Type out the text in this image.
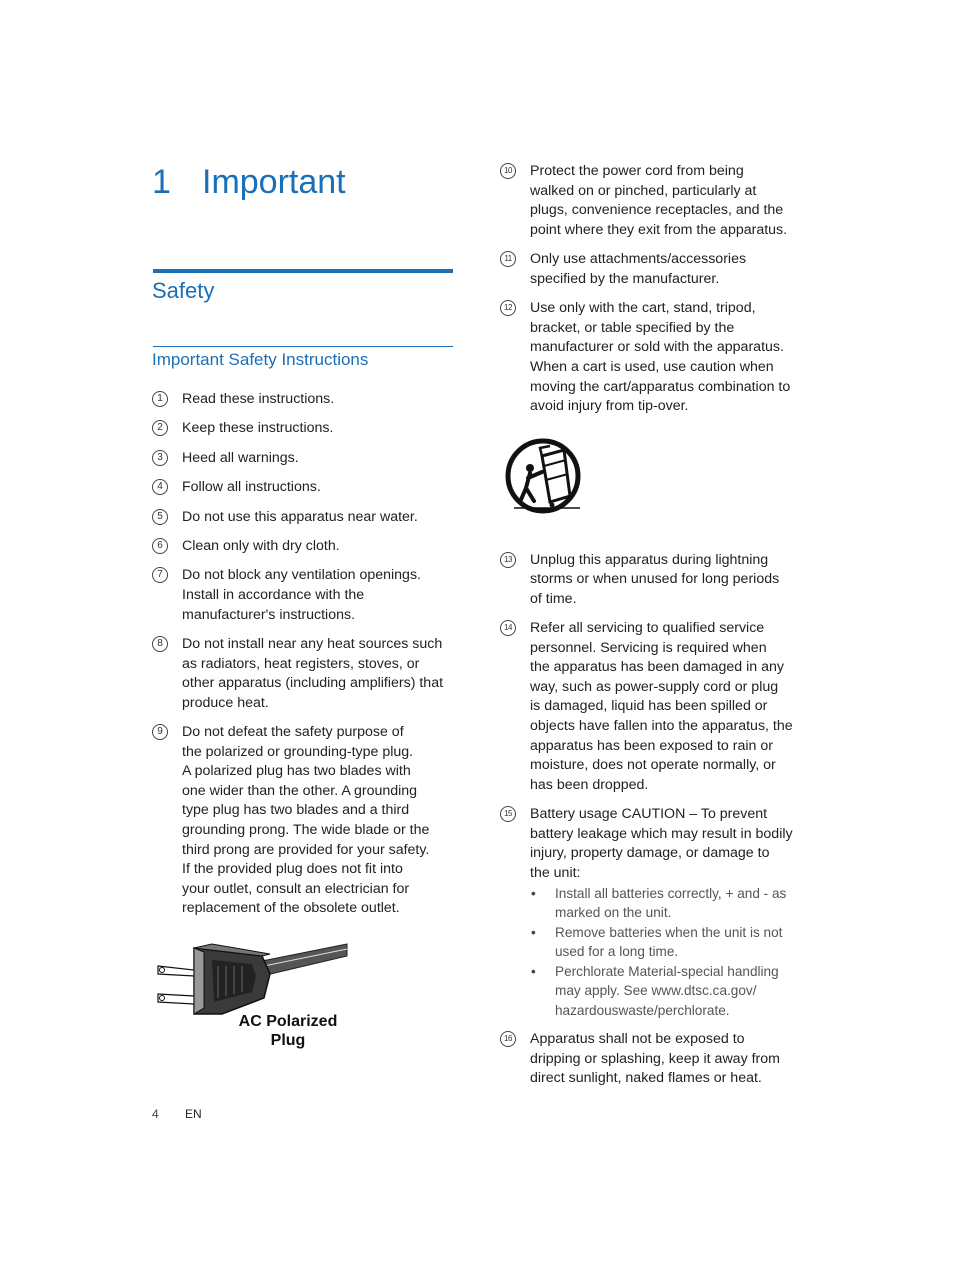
1 Important
Safety
Important Safety Instructions
1	Read these instructions.
2	Keep these instructions.
3	Heed all warnings.
4	Follow all instructions.
5	Do not use this apparatus near water.
6	Clean only with dry cloth.
7	Do not block any ventilation openings.
Install in accordance with the
manufacturer's instructions.
8	Do not install near any heat sources such
as radiators, heat registers, stoves, or
other apparatus (including amplifiers) that
produce heat.
9	Do not defeat the safety purpose of
the polarized or grounding-type plug.
A polarized plug has two blades with
one wider than the other. A grounding
type plug has two blades and a third
grounding prong. The wide blade or the
third prong are provided for your safety.
If the provided plug does not fit into
your outlet, consult an electrician for
replacement of the obsolete outlet.
AC Polarized
Plug
10 Protect the power cord from being
walked on or pinched, particularly at
plugs, convenience receptacles, and the
point where they exit from the apparatus.
11	Only use attachments/accessories
specified by the manufacturer.
12 Use only with the cart, stand, tripod,
bracket, or table specified by the
manufacturer or sold with the apparatus.
When a cart is used, use caution when
moving the cart/apparatus combination to
avoid injury from tip-over.
13 Unplug this apparatus during lightning
storms or when unused for long periods
of time.
14 Refer all servicing to qualified service
personnel. Servicing is required when
the apparatus has been damaged in any
way, such as power-supply cord or plug
is damaged, liquid has been spilled or
objects have fallen into the apparatus, the
apparatus has been exposed to rain or
moisture, does not operate normally, or
has been dropped.
15 Battery usage CAUTION – To prevent
battery leakage which may result in bodily
injury, property damage, or damage to
the unit:
• Install all batteries correctly, + and - as
marked on the unit.
• Remove batteries when the unit is not
used for a long time.
• Perchlorate Material-special handling
may apply. See www.dtsc.ca.gov/
hazardouswaste/perchlorate.
16 Apparatus shall not be exposed to
dripping or splashing, keep it away from
direct sunlight, naked flames or heat.
4 EN
